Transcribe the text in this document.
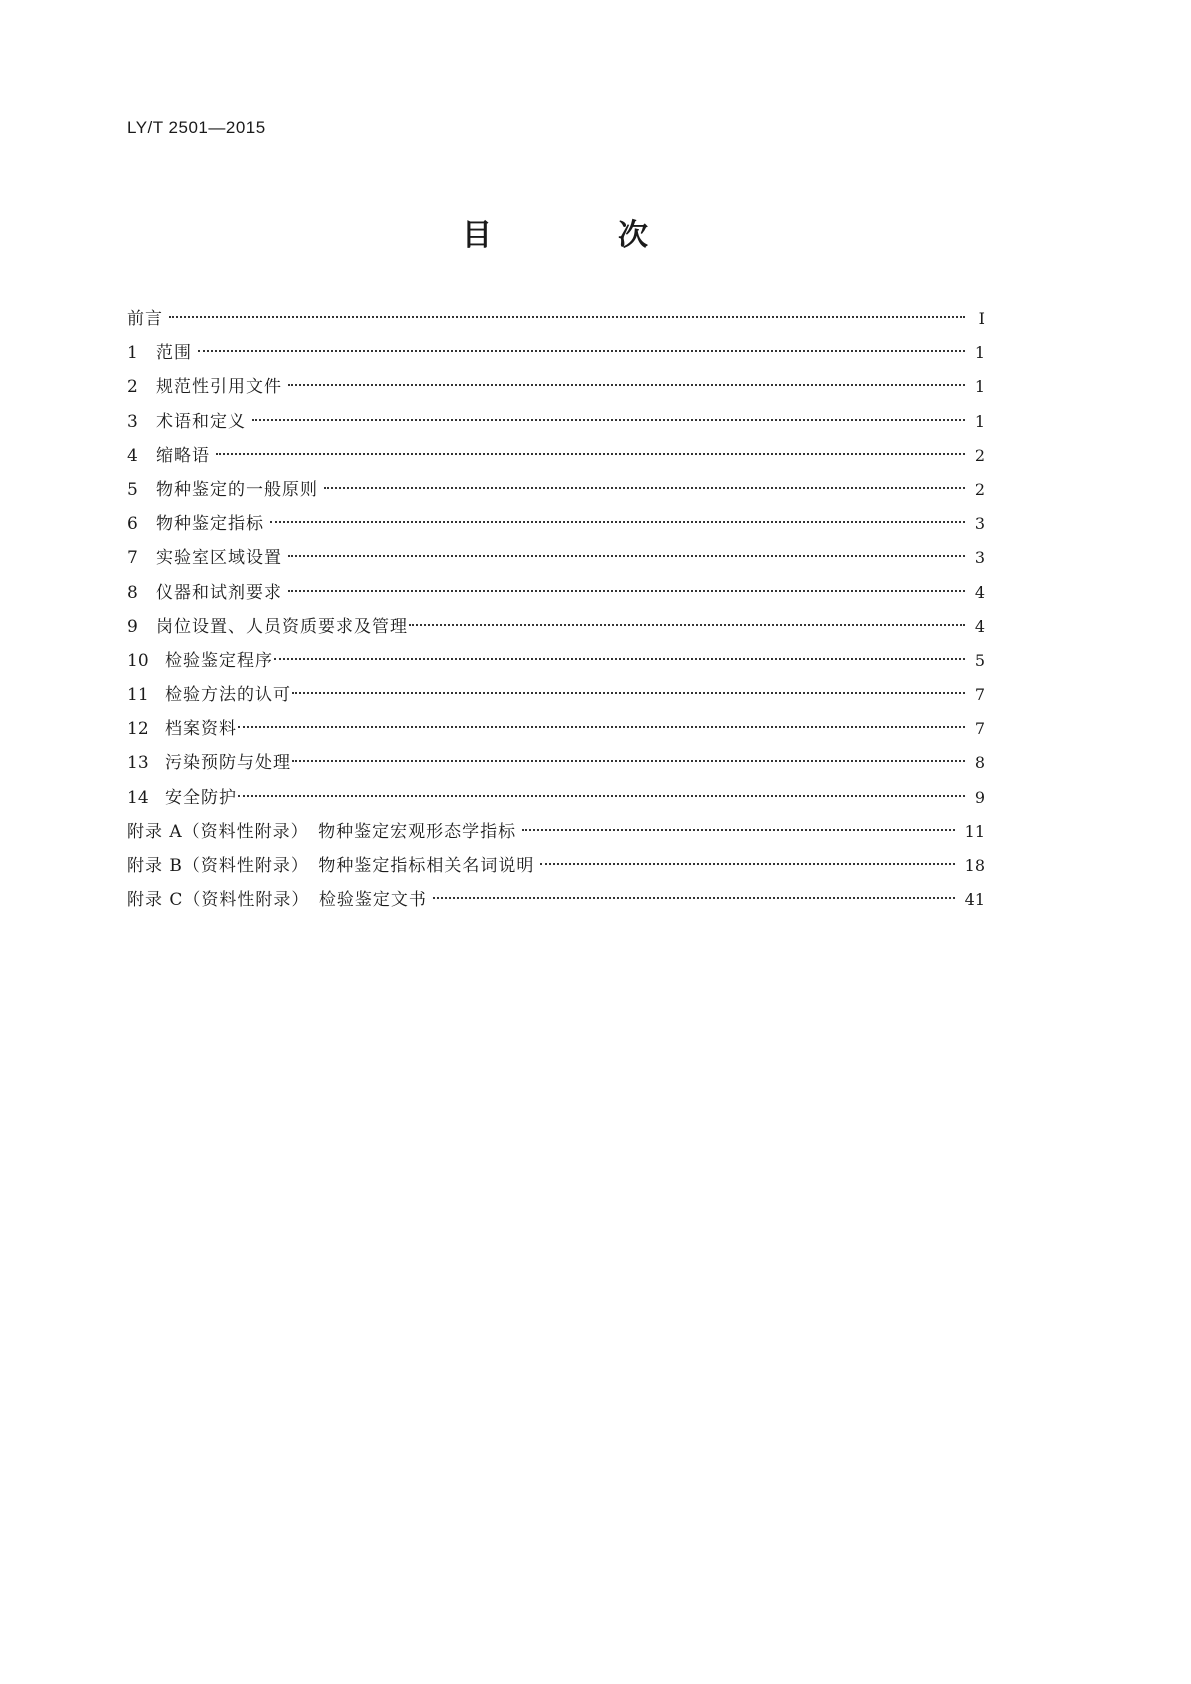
LY/T 2501—2015
目　次
前言	Ⅰ
1	范围	1
2	规范性引用文件	1
3	术语和定义	1
4	缩略语	2
5	物种鉴定的一般原则	2
6	物种鉴定指标	3
7	实验室区域设置	3
8	仪器和试剂要求	4
9	岗位设置、人员资质要求及管理	4
10 检验鉴定程序	5
11 检验方法的认可	7
12 档案资料	7
13 污染预防与处理	8
14 安全防护	9
附录 A（资料性附录）　物种鉴定宏观形态学指标	11
附录 B（资料性附录）　物种鉴定指标相关名词说明	18
附录 C（资料性附录）　检验鉴定文书	41
